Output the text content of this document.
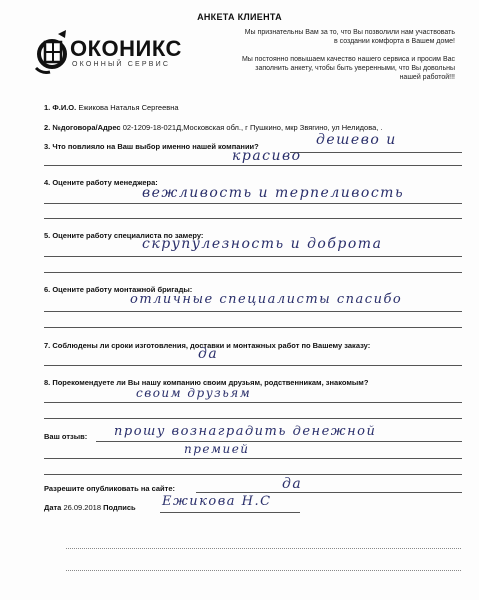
АНКЕТА КЛИЕНТА
ОКОНИКС
ОКОННЫЙ СЕРВИС
Мы признательны Вам за то, что Вы позволили нам участвовать в создании комфорта в Вашем доме!
Мы постоянно повышаем качество нашего сервиса и просим Вас заполнить анкету, чтобы быть уверенными, что Вы довольны нашей работой!!!
1. Ф.И.О. Ежикова Наталья Сергеевна
2. №договора/Адрес 02-1209-18-021Д,Московская обл., г Пушкино, мкр Звягино, ул Нелидова, .
3. Что повлияло на Ваш выбор именно нашей компании?	дешево и
красиво
4. Оцените работу менеджера:
вежливость и терпеливость
5. Оцените работу специалиста по замеру:
скрупулезность и доброта
6. Оцените работу монтажной бригады:
отличные специалисты спасибо
7. Соблюдены ли сроки изготовления, доставки и монтажных работ по Вашему заказу:
да
8. Порекомендуете ли Вы нашу компанию своим друзьям, родственникам, знакомым?
своим друзьям
Ваш отзыв: прошу вознаградить денежной
премией
Разрешите опубликовать на сайте:	да
Дата 26.09.2018 Подпись Ежикова Н.С
